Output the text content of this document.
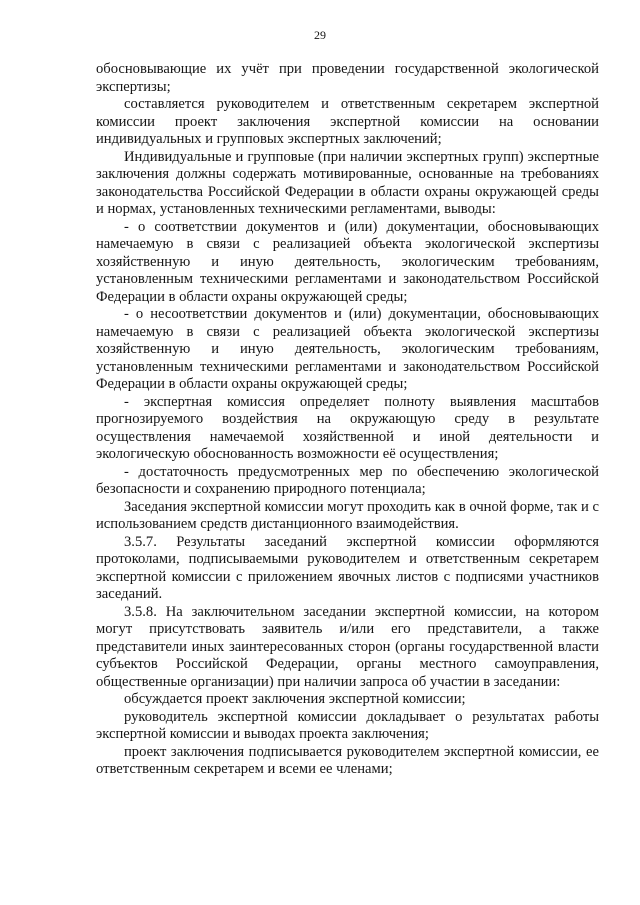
29

обосновывающие их учёт при проведении государственной экологической экспертизы;

составляется руководителем и ответственным секретарем экспертной комиссии проект заключения экспертной комиссии на основании индивидуальных и групповых экспертных заключений;

Индивидуальные и групповые (при наличии экспертных групп) экспертные заключения должны содержать мотивированные, основанные на требованиях законодательства Российской Федерации в области охраны окружающей среды и нормах, установленных техническими регламентами, выводы:

- о соответствии документов и (или) документации, обосновывающих намечаемую в связи с реализацией объекта экологической экспертизы хозяйственную и иную деятельность, экологическим требованиям, установленным техническими регламентами и законодательством Российской Федерации в области охраны окружающей среды;

- о несоответствии документов и (или) документации, обосновывающих намечаемую в связи с реализацией объекта экологической экспертизы хозяйственную и иную деятельность, экологическим требованиям, установленным техническими регламентами и законодательством Российской Федерации в области охраны окружающей среды;

- экспертная комиссия определяет полноту выявления масштабов прогнозируемого воздействия на окружающую среду в результате осуществления намечаемой хозяйственной и иной деятельности и экологическую обоснованность возможности её осуществления;

- достаточность предусмотренных мер по обеспечению экологической безопасности и сохранению природного потенциала;

Заседания экспертной комиссии могут проходить как в очной форме, так и с использованием средств дистанционного взаимодействия.

3.5.7. Результаты заседаний экспертной комиссии оформляются протоколами, подписываемыми руководителем и ответственным секретарем экспертной комиссии с приложением явочных листов с подписями участников заседаний.

3.5.8. На заключительном заседании экспертной комиссии, на котором могут присутствовать заявитель и/или его представители, а также представители иных заинтересованных сторон (органы государственной власти субъектов Российской Федерации, органы местного самоуправления, общественные организации) при наличии запроса об участии в заседании:

обсуждается проект заключения экспертной комиссии;

руководитель экспертной комиссии докладывает о результатах работы экспертной комиссии и выводах проекта заключения;

проект заключения подписывается руководителем экспертной комиссии, ее ответственным секретарем и всеми ее членами;
